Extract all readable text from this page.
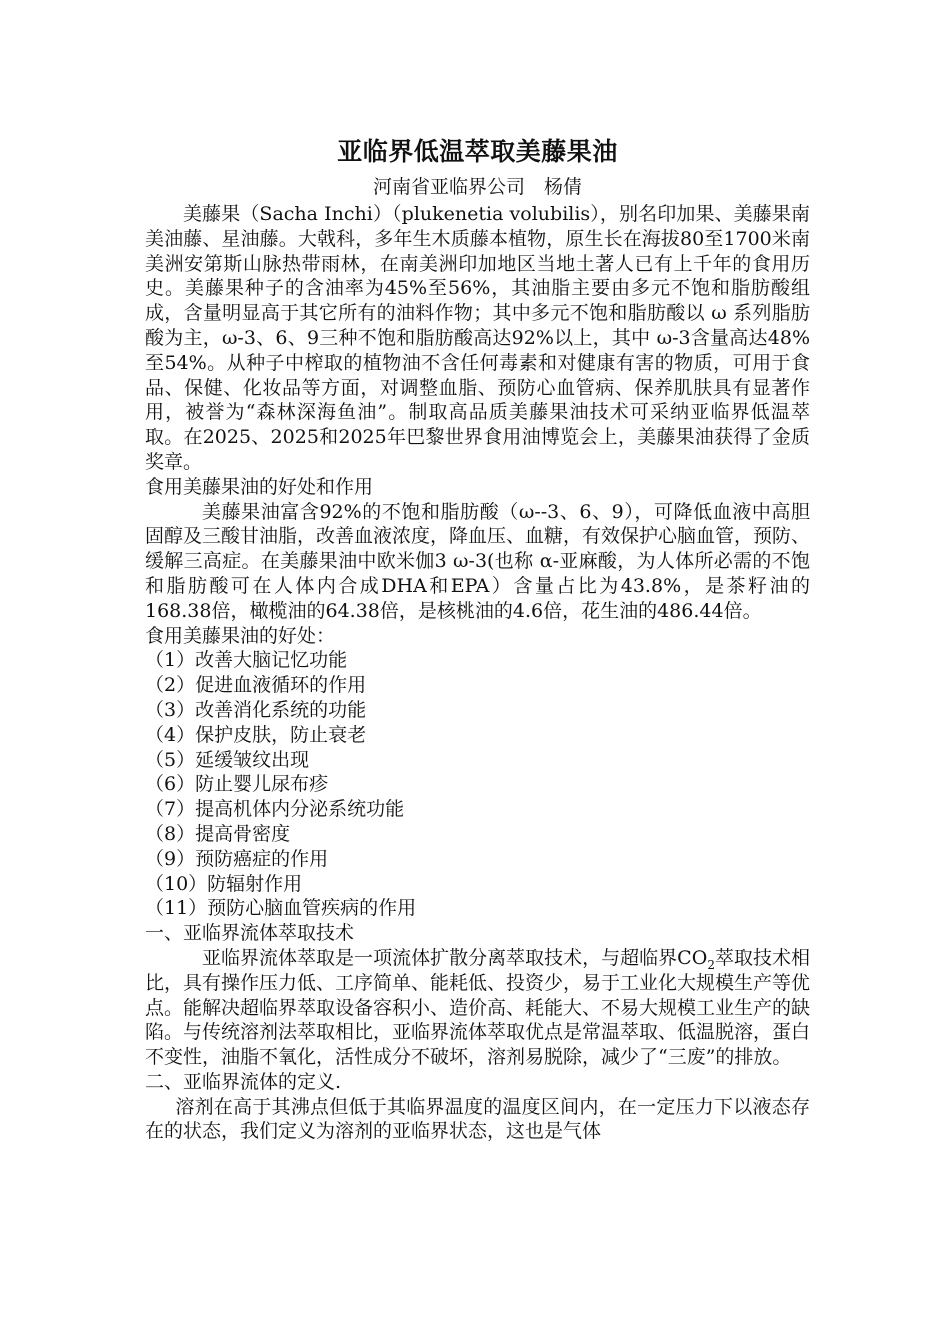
亚临界低温萃取美藤果油
河南省亚临界公司　杨倩

美藤果（Sacha Inchi）（plukenetia volubilis），别名印加果、美藤果南美油藤、星油藤。大戟科，多年生木质藤本植物，原生长在海拔80至1700米南美洲安第斯山脉热带雨林，在南美洲印加地区当地土著人已有上千年的食用历史。美藤果种子的含油率为45%至56%，其油脂主要由多元不饱和脂肪酸组成，含量明显高于其它所有的油料作物；其中多元不饱和脂肪酸以 ω 系列脂肪酸为主，ω-3、6、9三种不饱和脂肪酸高达92%以上，其中 ω-3含量高达48%至54%。从种子中榨取的植物油不含任何毒素和对健康有害的物质，可用于食品、保健、化妆品等方面，对调整血脂、预防心血管病、保养肌肤具有显著作用，被誉为“森林深海鱼油”。制取高品质美藤果油技术可采纳亚临界低温萃取。在2025、2025和2025年巴黎世界食用油博览会上，美藤果油获得了金质奖章。

食用美藤果油的好处和作用

美藤果油富含92%的不饱和脂肪酸（ω--3、6、9），可降低血液中高胆固醇及三酸甘油脂，改善血液浓度，降血压、血糖，有效保护心脑血管，预防、缓解三高症。在美藤果油中欧米伽3 ω-3(也称 α-亚麻酸，为人体所必需的不饱和脂肪酸可在人体内合成DHA和EPA）含量占比为43.8%，是茶籽油的168.38倍，橄榄油的64.38倍，是核桃油的4.6倍，花生油的486.44倍。

食用美藤果油的好处：

（1）改善大脑记忆功能

（2）促进血液循环的作用

（3）改善消化系统的功能

（4）保护皮肤，防止衰老

（5）延缓皱纹出现

（6）防止婴儿尿布疹

（7）提高机体内分泌系统功能

（8）提高骨密度

（9）预防癌症的作用

（10）防辐射作用

（11）预防心脑血管疾病的作用

一、亚临界流体萃取技术

亚临界流体萃取是一项流体扩散分离萃取技术，与超临界$CO_2$萃取技术相比，具有操作压力低、工序简单、能耗低、投资少，易于工业化大规模生产等优点。能解决超临界萃取设备容积小、造价高、耗能大、不易大规模工业生产的缺陷。与传统溶剂法萃取相比，亚临界流体萃取优点是常温萃取、低温脱溶，蛋白不变性，油脂不氧化，活性成分不破坏，溶剂易脱除，减少了“三废”的排放。

二、亚临界流体的定义.

溶剂在高于其沸点但低于其临界温度的温度区间内，在一定压力下以液态存在的状态，我们定义为溶剂的亚临界状态，这也是气体
